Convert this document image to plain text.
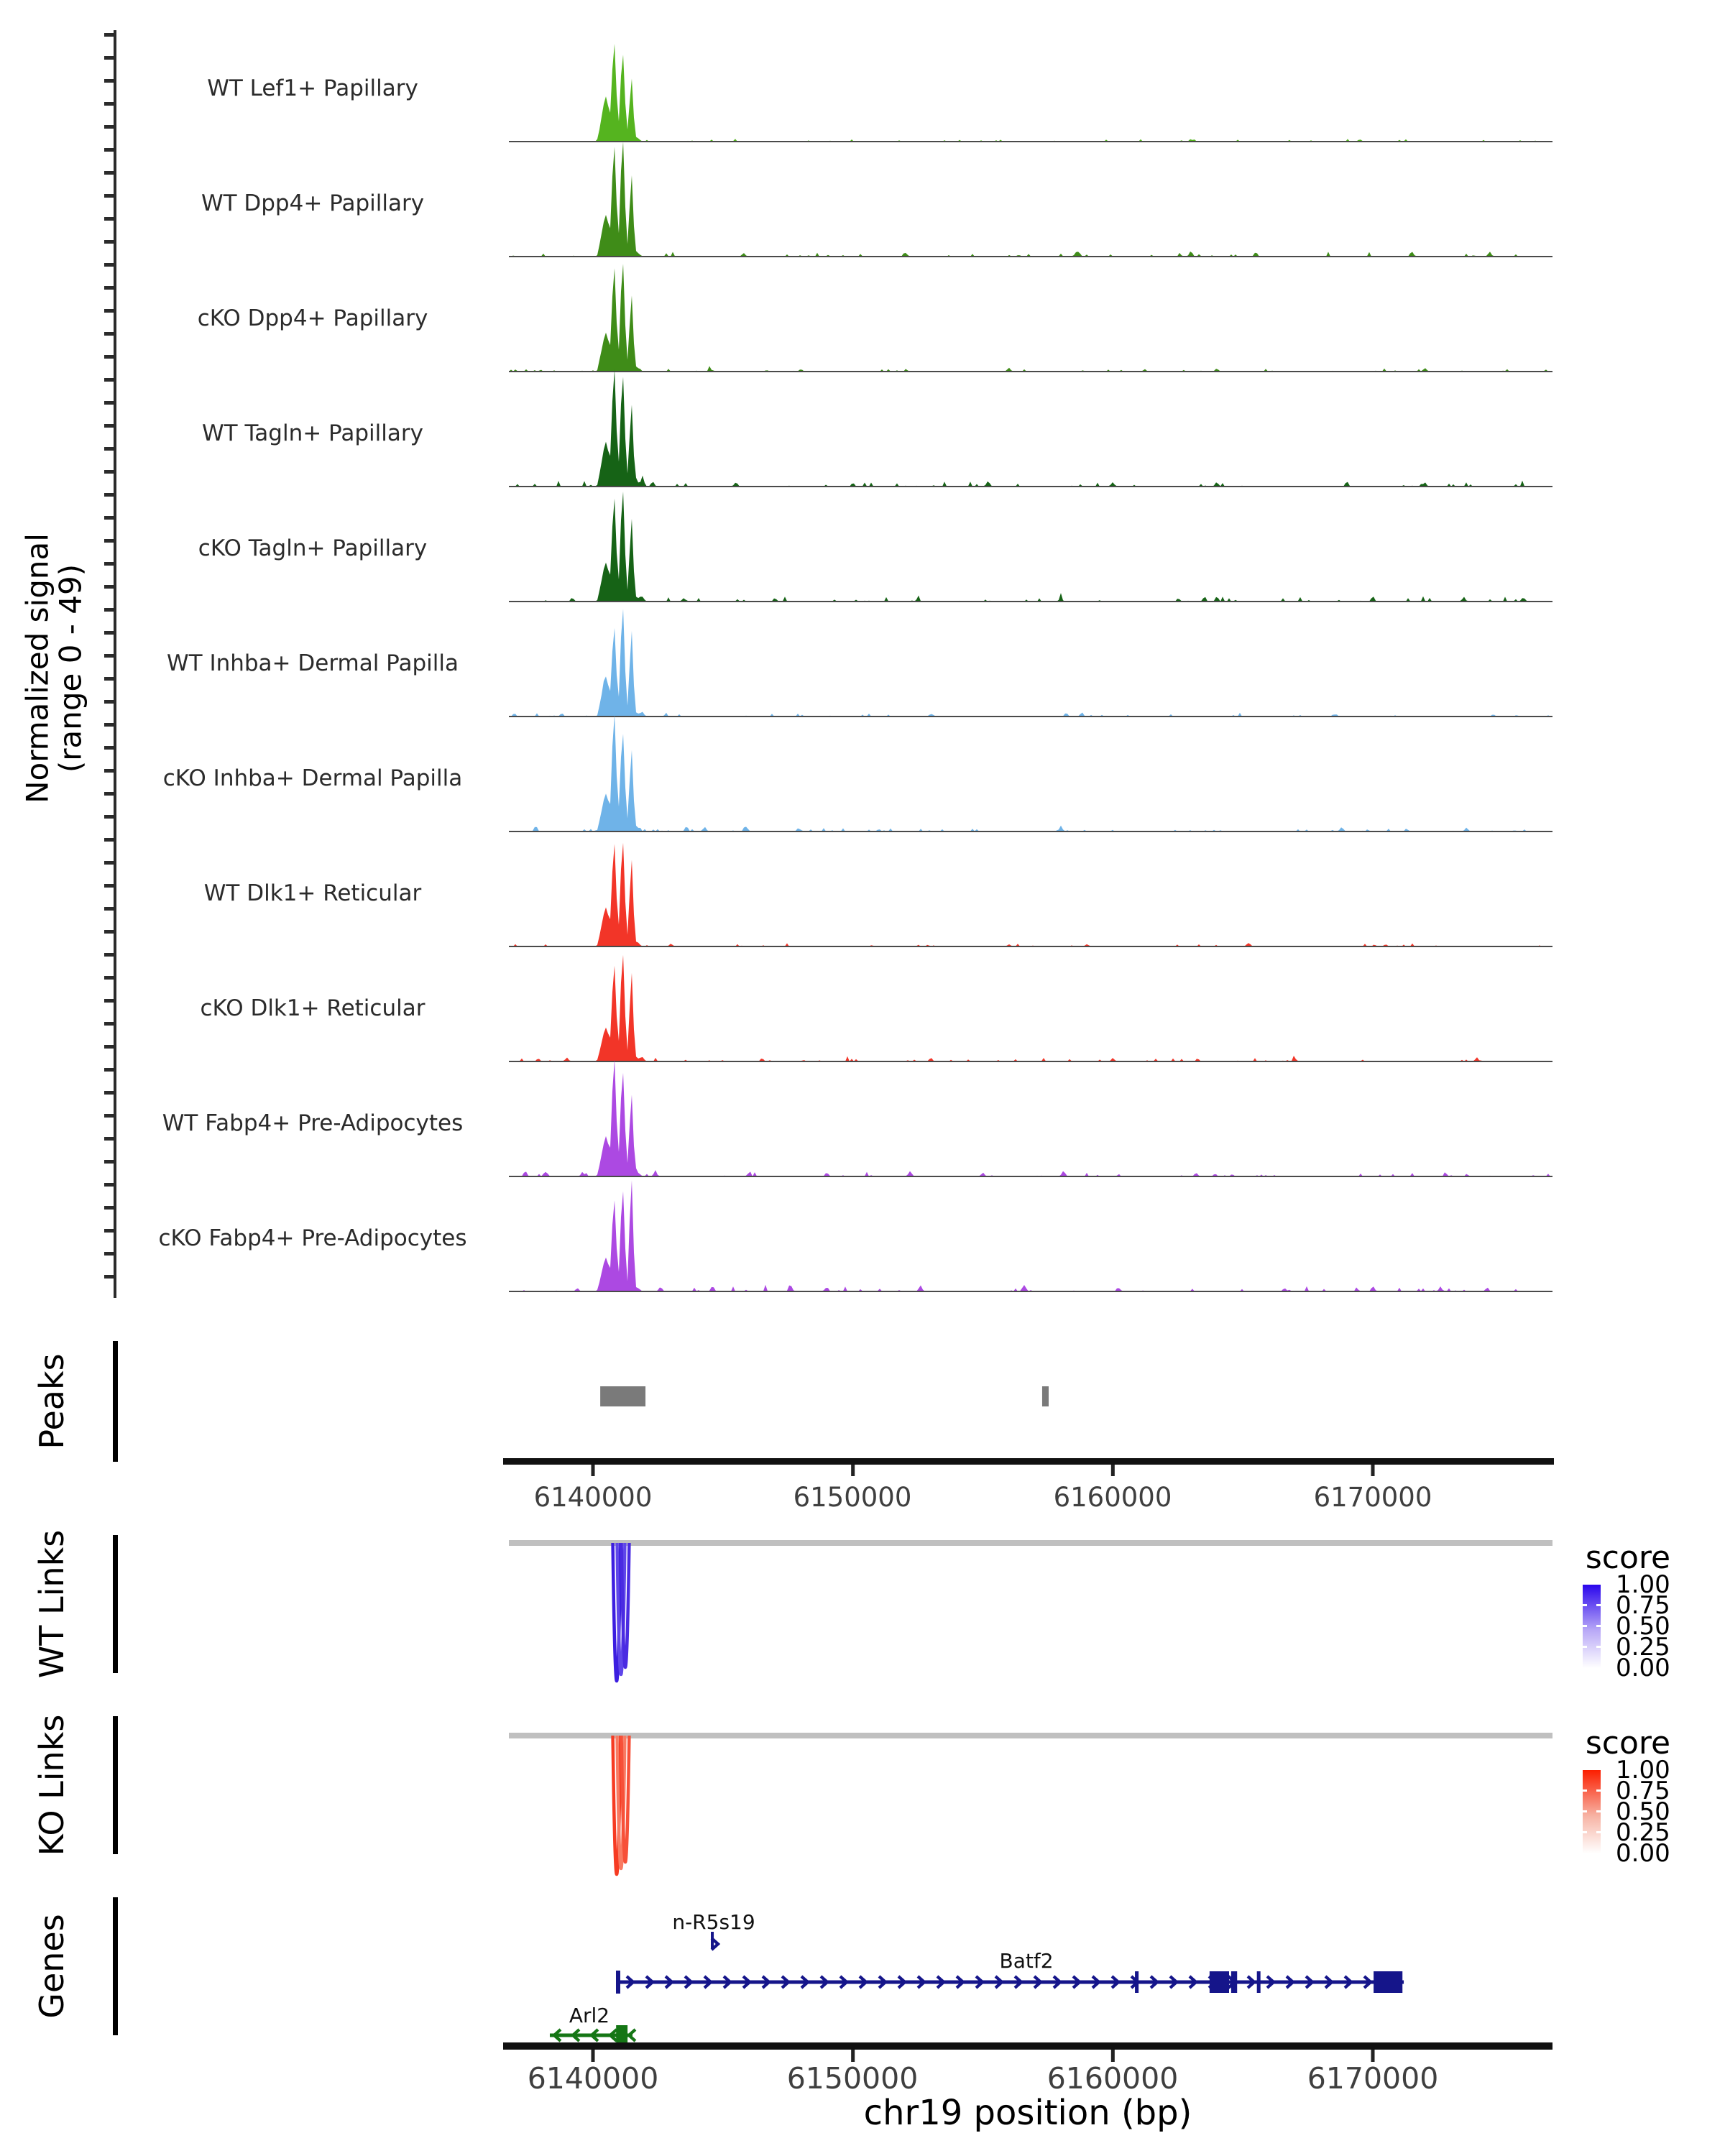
Normalized signal
(range 0 - 49)
WT Lef1+ Papillary
WT Dpp4+ Papillary
cKO Dpp4+ Papillary
WT Tagln+ Papillary
cKO Tagln+ Papillary
WT Inhba+ Dermal Papilla
cKO Inhba+ Dermal Papilla
WT Dlk1+ Reticular
cKO Dlk1+ Reticular
WT Fabp4+ Pre-Adipocytes
cKO Fabp4+ Pre-Adipocytes
Peaks
WT Links
KO Links
Genes
6140000	6150000	6160000	6170000
score
1.00
0.75
0.50
0.25
0.00
score
1.00
0.75
0.50
0.25
0.00
n-R5s19
Batf2
Arl2
6140000	6150000	6160000	6170000
chr19 position (bp)
